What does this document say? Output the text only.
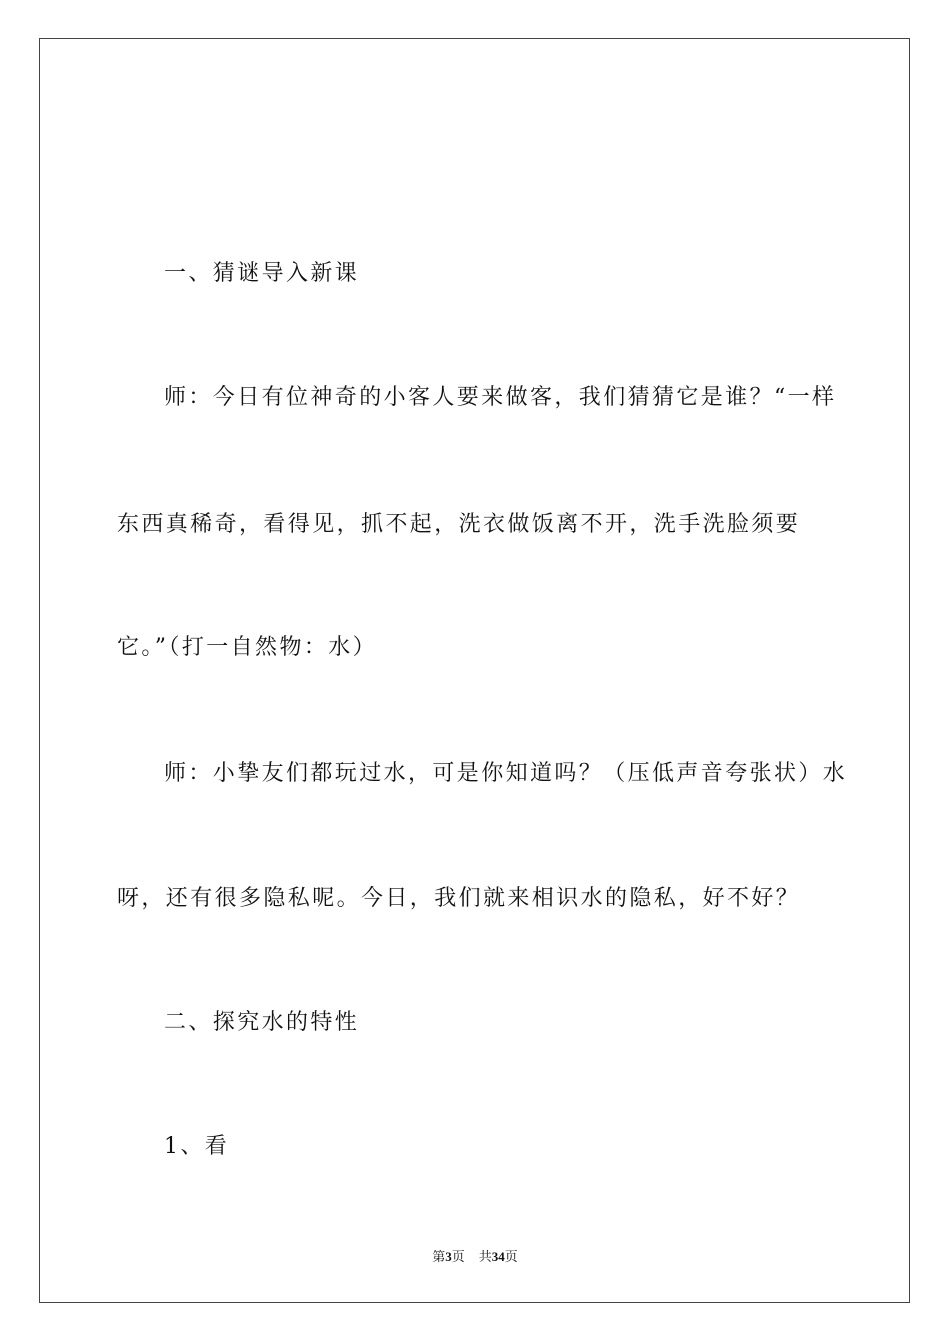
一、猜谜导入新课
师：今日有位神奇的小客人要来做客，我们猜猜它是谁？“一样
东西真稀奇，看得见，抓不起，洗衣做饭离不开，洗手洗脸须要
它。”（打一自然物：水）
师：小挚友们都玩过水，可是你知道吗？（压低声音夸张状）水
呀，还有很多隐私呢。今日，我们就来相识水的隐私，好不好？
二、探究水的特性
1、看
第3页 共34页
